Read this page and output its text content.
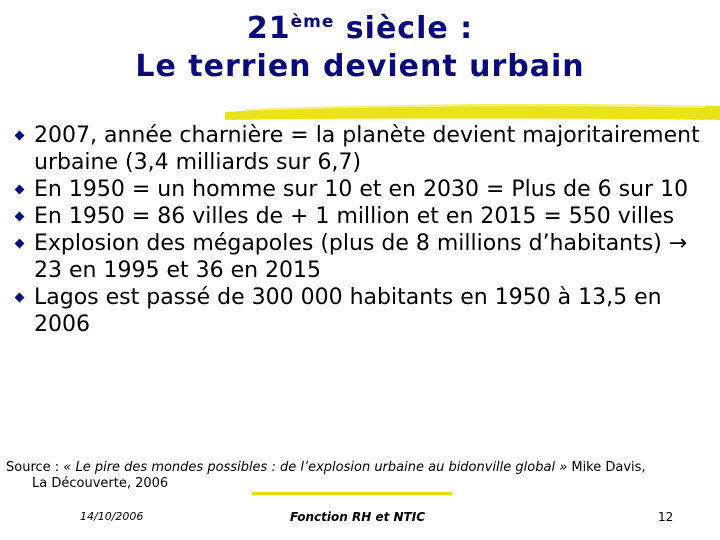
21ème siècle :
Le terrien devient urbain
2007, année charnière = la planète devient majoritairement urbaine (3,4 milliards sur 6,7)
En 1950 = un homme sur 10 et en 2030 = Plus de 6 sur 10
En 1950 = 86 villes de + 1 million et en 2015 = 550 villes
Explosion des mégapoles (plus de 8 millions d’habitants) → 23 en 1995 et 36 en 2015
Lagos est passé de 300 000 habitants en 1950 à 13,5 en 2006
Source : « Le pire des mondes possibles : de l’explosion urbaine au bidonville global » Mike Davis,
La Découverte, 2006
14/10/2006	Fonction RH et NTIC	12
